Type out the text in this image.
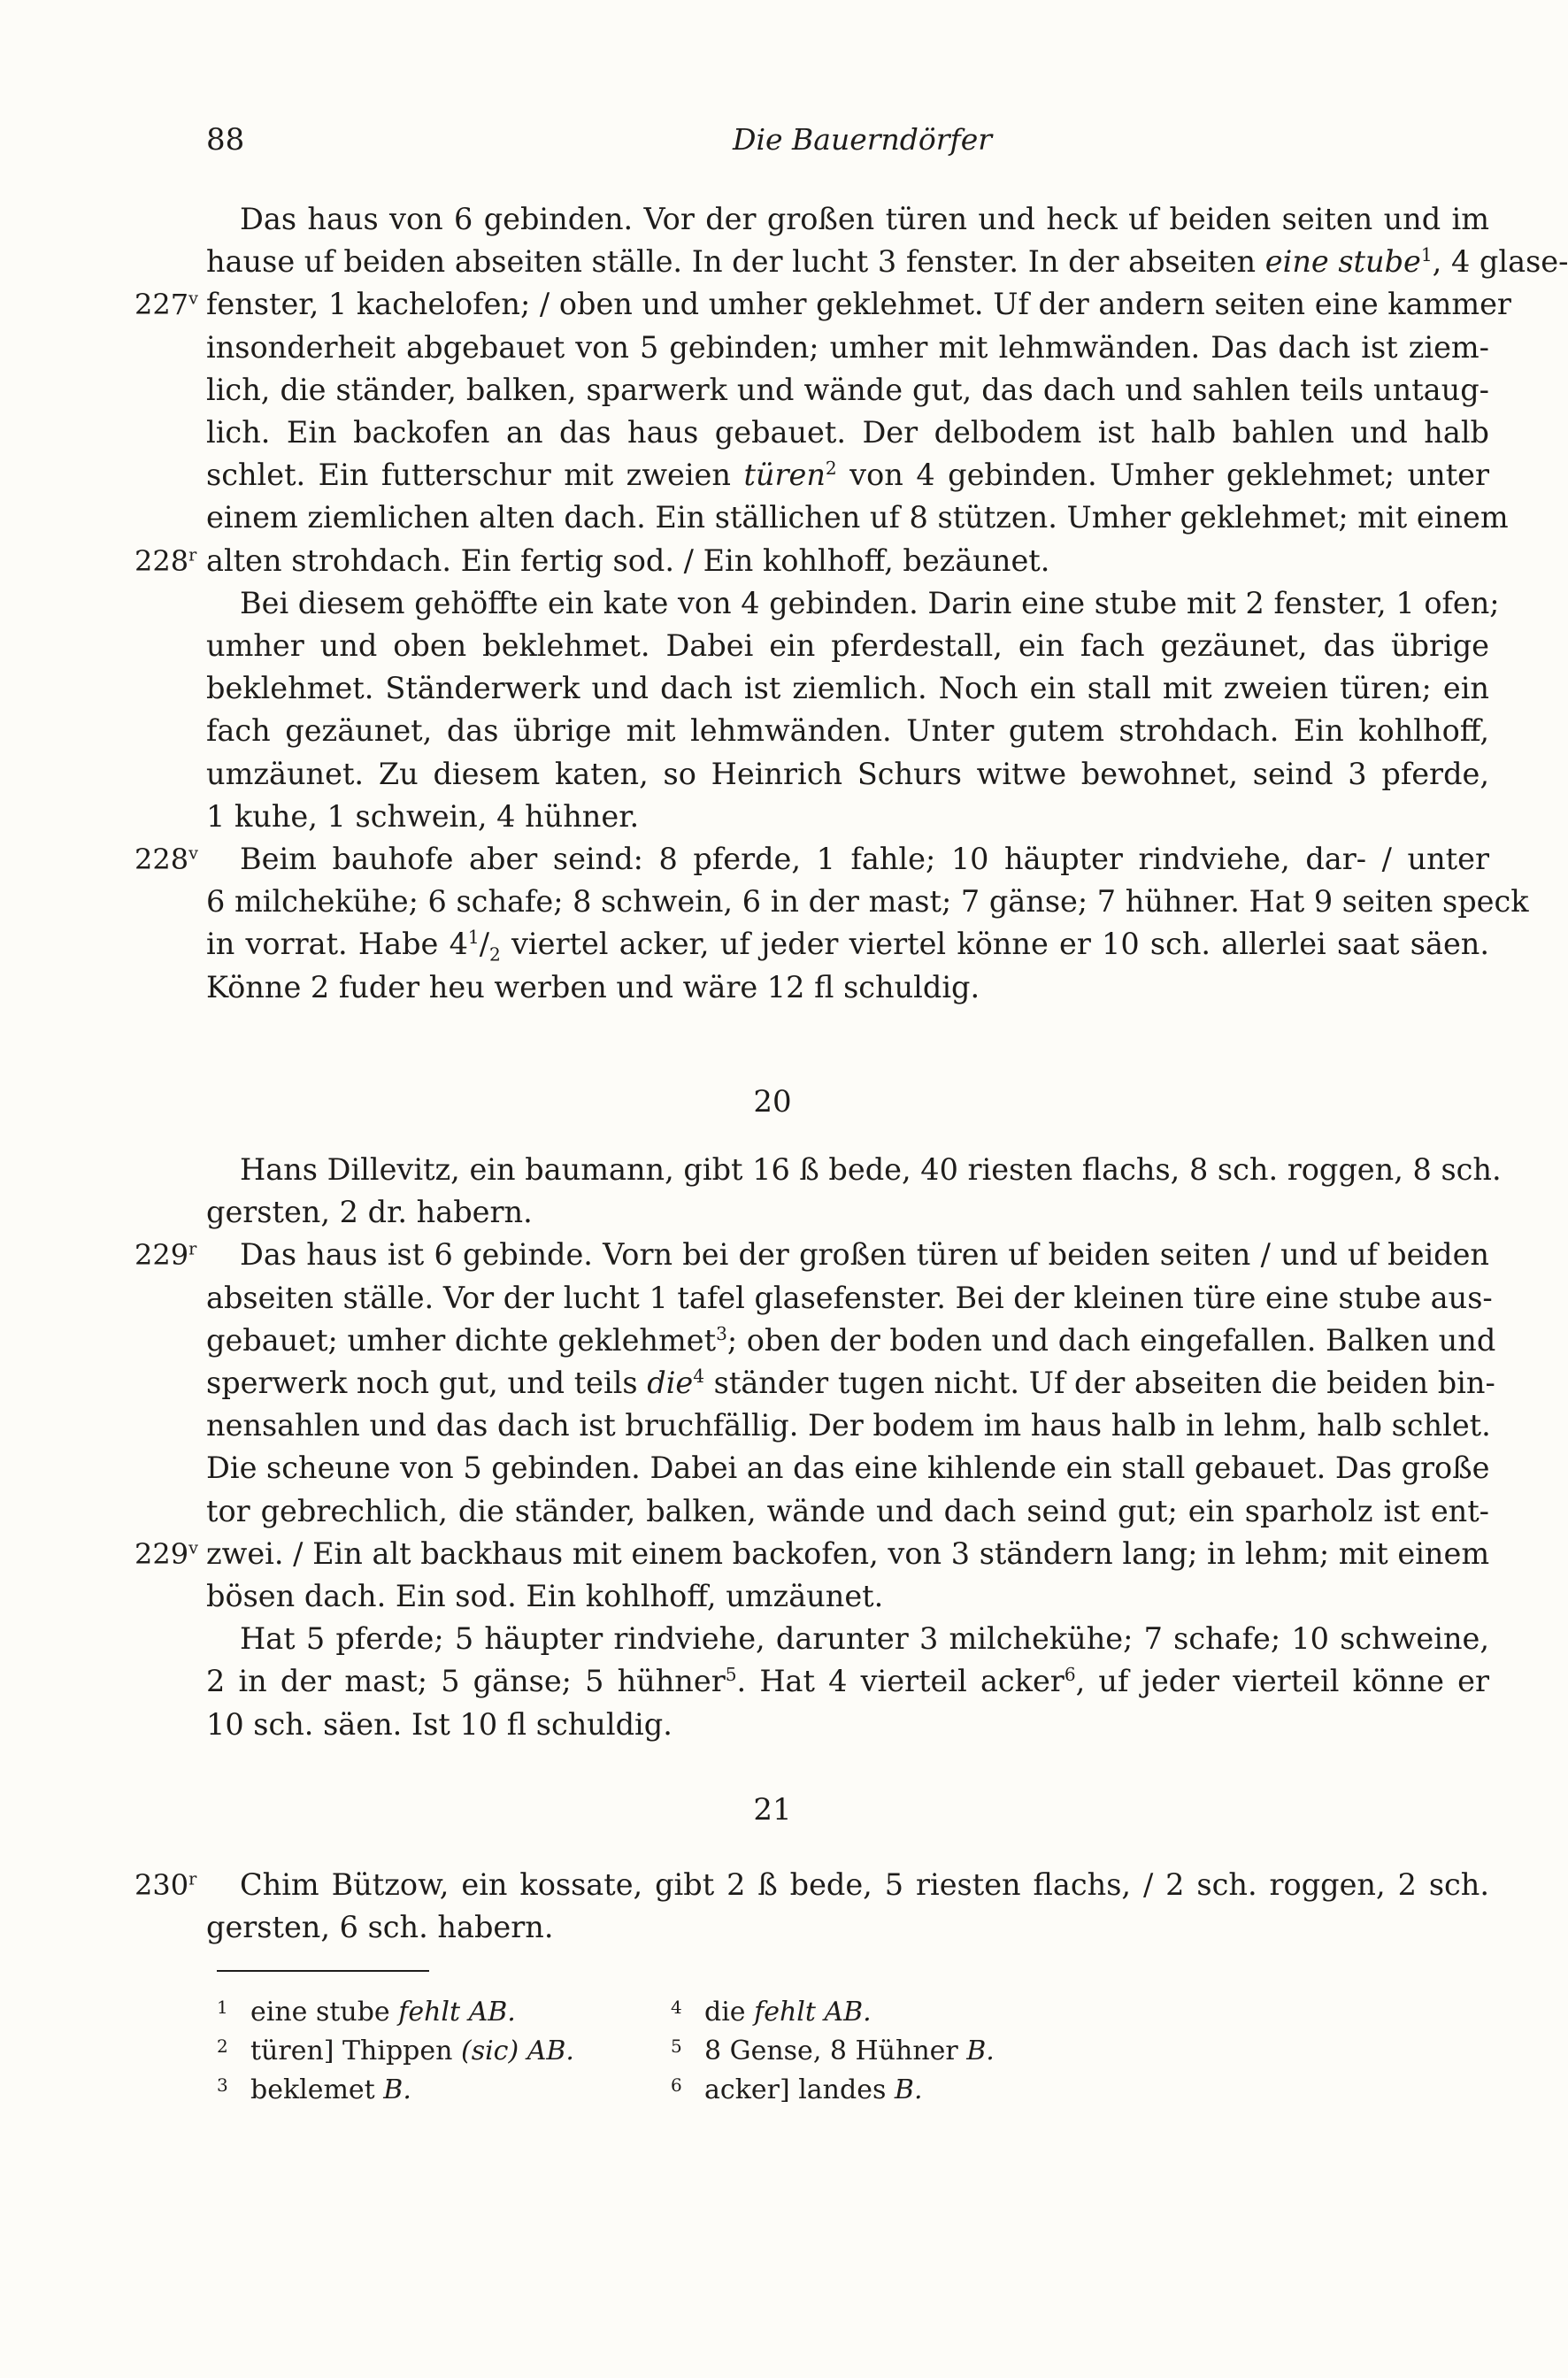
88	Die Bauerndörfer
Das haus von 6 gebinden. Vor der großen türen und heck uf beiden seiten und im
hause uf beiden abseiten ställe. In der lucht 3 fenster. In der abseiten eine stube$^1$, 4 glase-
fenster, 1 kachelofen; / oben und umher geklehmet. Uf der andern seiten eine kammer
insonderheit abgebauet von 5 gebinden; umher mit lehmwänden. Das dach ist ziem-
lich, die ständer, balken, sparwerk und wände gut, das dach und sahlen teils untaug-
lich. Ein backofen an das haus gebauet. Der delbodem ist halb bahlen und halb
schlet. Ein futterschur mit zweien türen$^2$ von 4 gebinden. Umher geklehmet; unter
einem ziemlichen alten dach. Ein ställichen uf 8 stützen. Umher geklehmet; mit einem
alten strohdach. Ein fertig sod. / Ein kohlhoff, bezäunet.
Bei diesem gehöffte ein kate von 4 gebinden. Darin eine stube mit 2 fenster, 1 ofen;
umher und oben beklehmet. Dabei ein pferdestall, ein fach gezäunet, das übrige
beklehmet. Ständerwerk und dach ist ziemlich. Noch ein stall mit zweien türen; ein
fach gezäunet, das übrige mit lehmwänden. Unter gutem strohdach. Ein kohlhoff,
umzäunet. Zu diesem katen, so Heinrich Schurs witwe bewohnet, seind 3 pferde,
1 kuhe, 1 schwein, 4 hühner.
Beim bauhofe aber seind: 8 pferde, 1 fahle; 10 häupter rindviehe, dar- / unter
6 milchekühe; 6 schafe; 8 schwein, 6 in der mast; 7 gänse; 7 hühner. Hat 9 seiten speck
in vorrat. Habe $4^1/_2$ viertel acker, uf jeder viertel könne er 10 sch. allerlei saat säen.
Könne 2 fuder heu werben und wäre 12 fl schuldig.
20
Hans Dillevitz, ein baumann, gibt 16 ß bede, 40 riesten flachs, 8 sch. roggen, 8 sch.
gersten, 2 dr. habern.
Das haus ist 6 gebinde. Vorn bei der großen türen uf beiden seiten / und uf beiden
abseiten ställe. Vor der lucht 1 tafel glasefenster. Bei der kleinen türe eine stube aus-
gebauet; umher dichte geklehmet$^3$; oben der boden und dach eingefallen. Balken und
sperwerk noch gut, und teils die$^4$ ständer tugen nicht. Uf der abseiten die beiden bin-
nensahlen und das dach ist bruchfällig. Der bodem im haus halb in lehm, halb schlet.
Die scheune von 5 gebinden. Dabei an das eine kihlende ein stall gebauet. Das große
tor gebrechlich, die ständer, balken, wände und dach seind gut; ein sparholz ist ent-
zwei. / Ein alt backhaus mit einem backofen, von 3 ständern lang; in lehm; mit einem
bösen dach. Ein sod. Ein kohlhoff, umzäunet.
Hat 5 pferde; 5 häupter rindviehe, darunter 3 milchekühe; 7 schafe; 10 schweine,
2 in der mast; 5 gänse; 5 hühner$^5$. Hat 4 vierteil acker$^6$, uf jeder vierteil könne er
10 sch. säen. Ist 10 fl schuldig.
21
Chim Bützow, ein kossate, gibt 2 ß bede, 5 riesten flachs, / 2 sch. roggen, 2 sch.
gersten, 6 sch. habern.
227$^v$
228$^r$
228$^v$
229$^r$
229$^v$
230$^r$
1 eine stube fehlt AB.
2 türen] Thippen (sic) AB.
3 beklemet B.
4 die fehlt AB.
5 8 Gense, 8 Hühner B.
6 acker] landes B.
